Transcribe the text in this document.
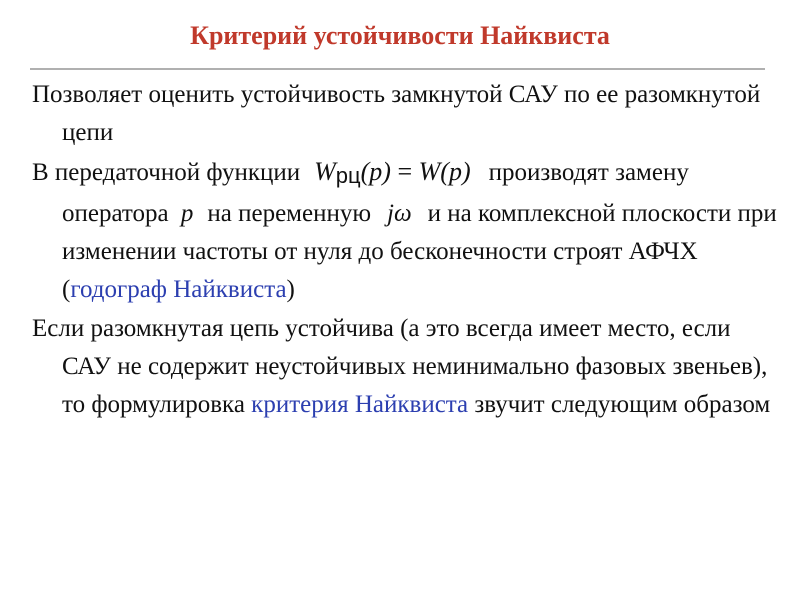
Критерий устойчивости Найквиста

Позволяет оценить устойчивость замкнутой САУ по ее разомкнутой цепи

В передаточной функции Wрц(p) = W(p) производят замену оператора p на переменную jω и на комплексной плоскости при изменении частоты от нуля до бесконечности строят АФЧХ (годограф Найквиста)

Если разомкнутая цепь устойчива (а это всегда имеет место, если САУ не содержит неустойчивых неминимально фазовых звеньев), то формулировка критерия Найквиста звучит следующим образом
